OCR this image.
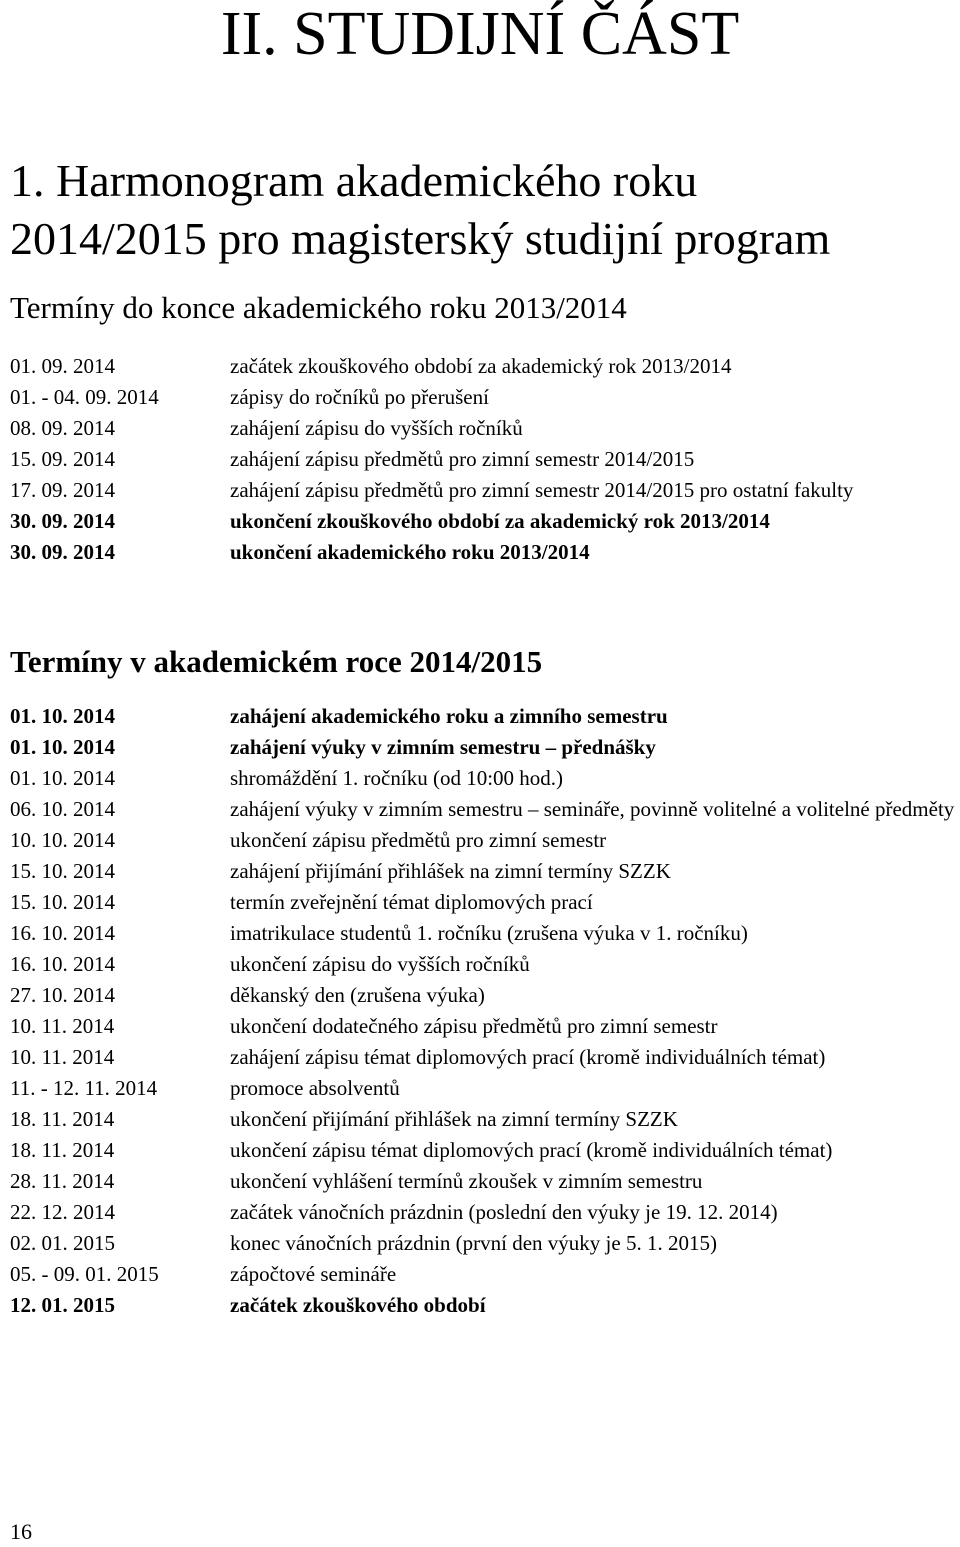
II. STUDIJNÍ ČÁST
1. Harmonogram akademického roku
2014/2015 pro magisterský studijní program
Termíny do konce akademického roku 2013/2014
01. 09. 2014	začátek zkouškového období za akademický rok 2013/2014
01. - 04. 09. 2014	zápisy do ročníků po přerušení
08. 09. 2014	zahájení zápisu do vyšších ročníků
15. 09. 2014	zahájení zápisu předmětů pro zimní semestr 2014/2015
17. 09. 2014	zahájení zápisu předmětů pro zimní semestr 2014/2015 pro ostatní fakulty
30. 09. 2014	ukončení zkouškového období za akademický rok 2013/2014
30. 09. 2014	ukončení akademického roku 2013/2014
Termíny v akademickém roce 2014/2015
01. 10. 2014	zahájení akademického roku a zimního semestru
01. 10. 2014	zahájení výuky v zimním semestru – přednášky
01. 10. 2014	shromáždění 1. ročníku (od 10:00 hod.)
06. 10. 2014	zahájení výuky v zimním semestru – semináře, povinně volitelné a volitelné předměty
10. 10. 2014	ukončení zápisu předmětů pro zimní semestr
15. 10. 2014	zahájení přijímání přihlášek na zimní termíny SZZK
15. 10. 2014	termín zveřejnění témat diplomových prací
16. 10. 2014	imatrikulace studentů 1. ročníku (zrušena výuka v 1. ročníku)
16. 10. 2014	ukončení zápisu do vyšších ročníků
27. 10. 2014	děkanský den (zrušena výuka)
10. 11. 2014	ukončení dodatečného zápisu předmětů pro zimní semestr
10. 11. 2014	zahájení zápisu témat diplomových prací (kromě individuálních témat)
11. - 12. 11. 2014	promoce absolventů
18. 11. 2014	ukončení přijímání přihlášek na zimní termíny SZZK
18. 11. 2014	ukončení zápisu témat diplomových prací (kromě individuálních témat)
28. 11. 2014	ukončení vyhlášení termínů zkoušek v zimním semestru
22. 12. 2014	začátek vánočních prázdnin (poslední den výuky je 19. 12. 2014)
02. 01. 2015	konec vánočních prázdnin (první den výuky je 5. 1. 2015)
05. - 09. 01. 2015	zápočtové semináře
12. 01. 2015	začátek zkouškového období
16
